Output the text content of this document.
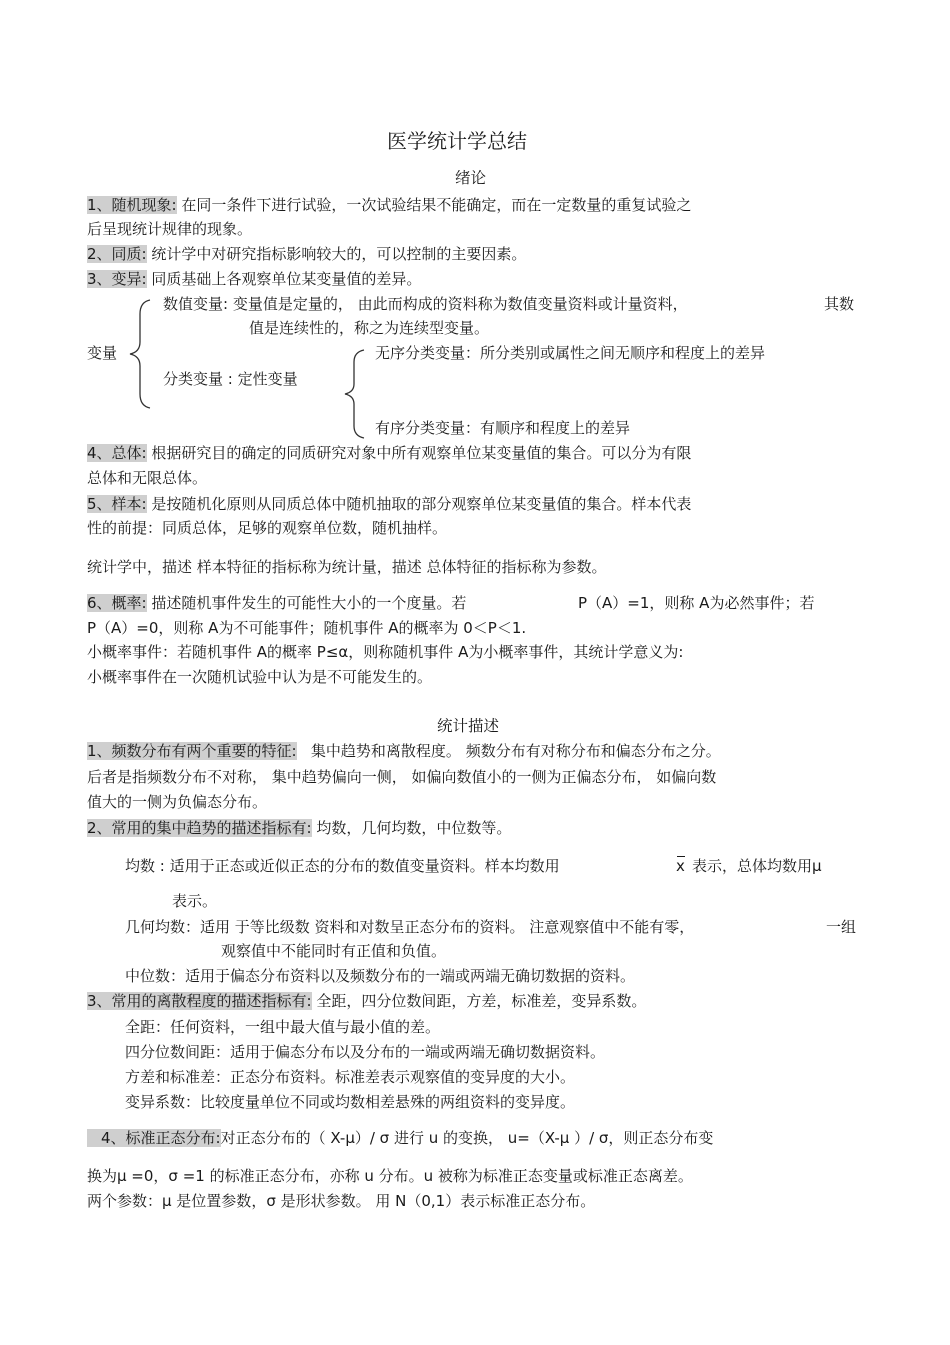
医学统计学总结
绪论
1、随机现象: 在同一条件下进行试验，一次试验结果不能确定，而在一定数量的重复试验之
后呈现统计规律的现象。
2、同质: 统计学中对研究指标影响较大的，可以控制的主要因素。
3、变异: 同质基础上各观察单位某变量值的差异。
变量
数值变量: 变量值是定量的， 由此而构成的资料称为数值变量资料或计量资料，	其数
值是连续性的，称之为连续型变量。
分类变量 : 定性变量
无序分类变量：所分类别或属性之间无顺序和程度上的差异
有序分类变量：有顺序和程度上的差异
4、总体: 根据研究目的确定的同质研究对象中所有观察单位某变量值的集合。可以分为有限
总体和无限总体。
5、样本: 是按随机化原则从同质总体中随机抽取的部分观察单位某变量值的集合。样本代表
性的前提：同质总体，足够的观察单位数，随机抽样。
统计学中，描述 样本特征的指标称为统计量，描述 总体特征的指标称为参数。
6、概率: 描述随机事件发生的可能性大小的一个度量。若	P（A）=1，则称 A为必然事件；若
P（A）=0，则称 A为不可能事件；随机事件 A的概率为 0＜P＜1.
小概率事件：若随机事件 A的概率 P≤α，则称随机事件 A为小概率事件，其统计学意义为:
小概率事件在一次随机试验中认为是不可能发生的。
统计描述
1、频数分布有两个重要的特征: 集中趋势和离散程度。 频数分布有对称分布和偏态分布之分。
后者是指频数分布不对称， 集中趋势偏向一侧， 如偏向数值小的一侧为正偏态分布， 如偏向数
值大的一侧为负偏态分布。
2、常用的集中趋势的描述指标有: 均数，几何均数，中位数等。
均数 : 适用于正态或近似正态的分布的数值变量资料。样本均数用	x 表示，总体均数用μ
表示。
几何均数：适用 于等比级数 资料和对数呈正态分布的资料。 注意观察值中不能有零，	一组
观察值中不能同时有正值和负值。
中位数：适用于偏态分布资料以及频数分布的一端或两端无确切数据的资料。
3、常用的离散程度的描述指标有: 全距，四分位数间距，方差，标准差，变异系数。
全距：任何资料，一组中最大值与最小值的差。
四分位数间距：适用于偏态分布以及分布的一端或两端无确切数据资料。
方差和标准差：正态分布资料。标准差表示观察值的变异度的大小。
变异系数：比较度量单位不同或均数相差悬殊的两组资料的变异度。
4、标准正态分布:对正态分布的（ X-μ）/ σ 进行 u 的变换， u=（X-μ ）/ σ，则正态分布变
换为μ =0，σ =1 的标准正态分布，亦称 u 分布。u 被称为标准正态变量或标准正态离差。
两个参数：μ 是位置参数，σ 是形状参数。 用 N（0,1）表示标准正态分布。
